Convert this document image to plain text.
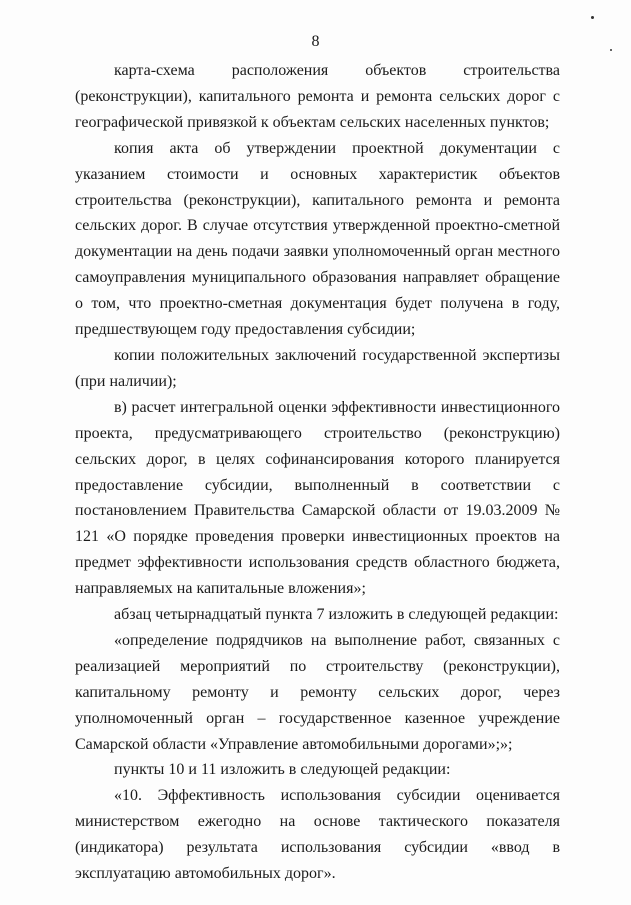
8

карта-схема расположения объектов строительства (реконструкции), капитального ремонта и ремонта сельских дорог с географической привязкой к объектам сельских населенных пунктов;

копия акта об утверждении проектной документации с указанием стоимости и основных характеристик объектов строительства (реконструкции), капитального ремонта и ремонта сельских дорог. В случае отсутствия утвержденной проектно-сметной документации на день подачи заявки уполномоченный орган местного самоуправления муниципального образования направляет обращение о том, что проектно-сметная документация будет получена в году, предшествующем году предоставления субсидии;

копии положительных заключений государственной экспертизы (при наличии);

в) расчет интегральной оценки эффективности инвестиционного проекта, предусматривающего строительство (реконструкцию) сельских дорог, в целях софинансирования которого планируется предоставление субсидии, выполненный в соответствии с постановлением Правительства Самарской области от 19.03.2009 № 121 «О порядке проведения проверки инвестиционных проектов на предмет эффективности использования средств областного бюджета, направляемых на капитальные вложения»;

абзац четырнадцатый пункта 7 изложить в следующей редакции:

«определение подрядчиков на выполнение работ, связанных с реализацией мероприятий по строительству (реконструкции), капитальному ремонту и ремонту сельских дорог, через уполномоченный орган – государственное казенное учреждение Самарской области «Управление автомобильными дорогами»;»;

пункты 10 и 11 изложить в следующей редакции:

«10. Эффективность использования субсидии оценивается министерством ежегодно на основе тактического показателя (индикатора) результата использования субсидии «ввод в эксплуатацию автомобильных дорог».
